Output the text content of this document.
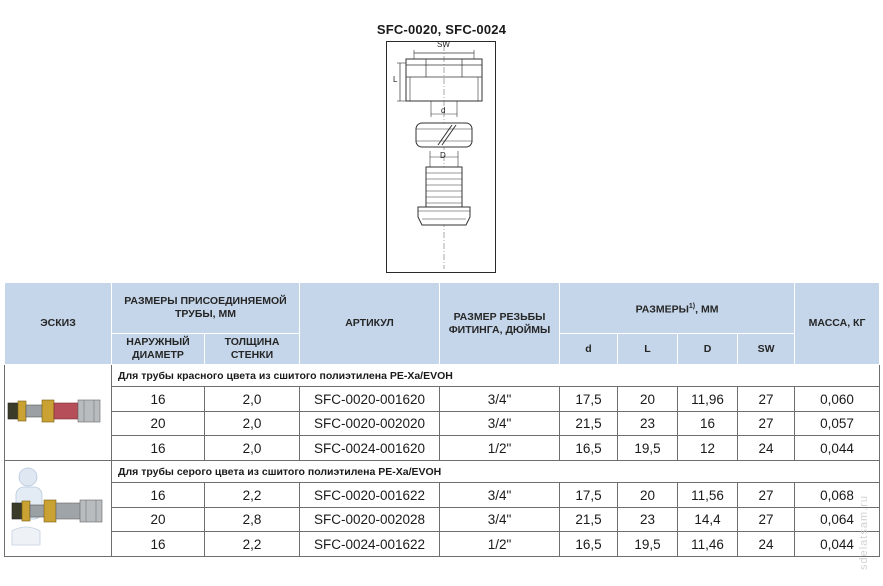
SFC-0020, SFC-0024
SW
L
d
D
ЭСКИЗ	РАЗМЕРЫ ПРИСОЕДИНЯЕМОЙ ТРУБЫ, ММ		АРТИКУЛ	РАЗМЕР РЕЗЬБЫ ФИТИНГА, ДЮЙМЫ	РАЗМЕРЫ$^{1)}$, ММ				МАССА, КГ
	НАРУЖНЫЙ ДИАМЕТР	ТОЛЩИНА СТЕНКИ			d	L	D	SW	
	Для трубы красного цвета из сшитого полиэтилена PE-Xa/EVOH								
	16	2,0	SFC-0020-001620	3/4"	17,5	20	11,96	27	0,060
	20	2,0	SFC-0020-002020	3/4"	21,5	23	16	27	0,057
	16	2,0	SFC-0024-001620	1/2"	16,5	19,5	12	24	0,044
	Для трубы серого цвета из сшитого полиэтилена PE-Xa/EVOH								
	16	2,2	SFC-0020-001622	3/4"	17,5	20	11,56	27	0,068
	20	2,8	SFC-0020-002028	3/4"	21,5	23	14,4	27	0,064
	16	2,2	SFC-0024-001622	1/2"	16,5	19,5	11,46	24	0,044 sdelatsam.ru
